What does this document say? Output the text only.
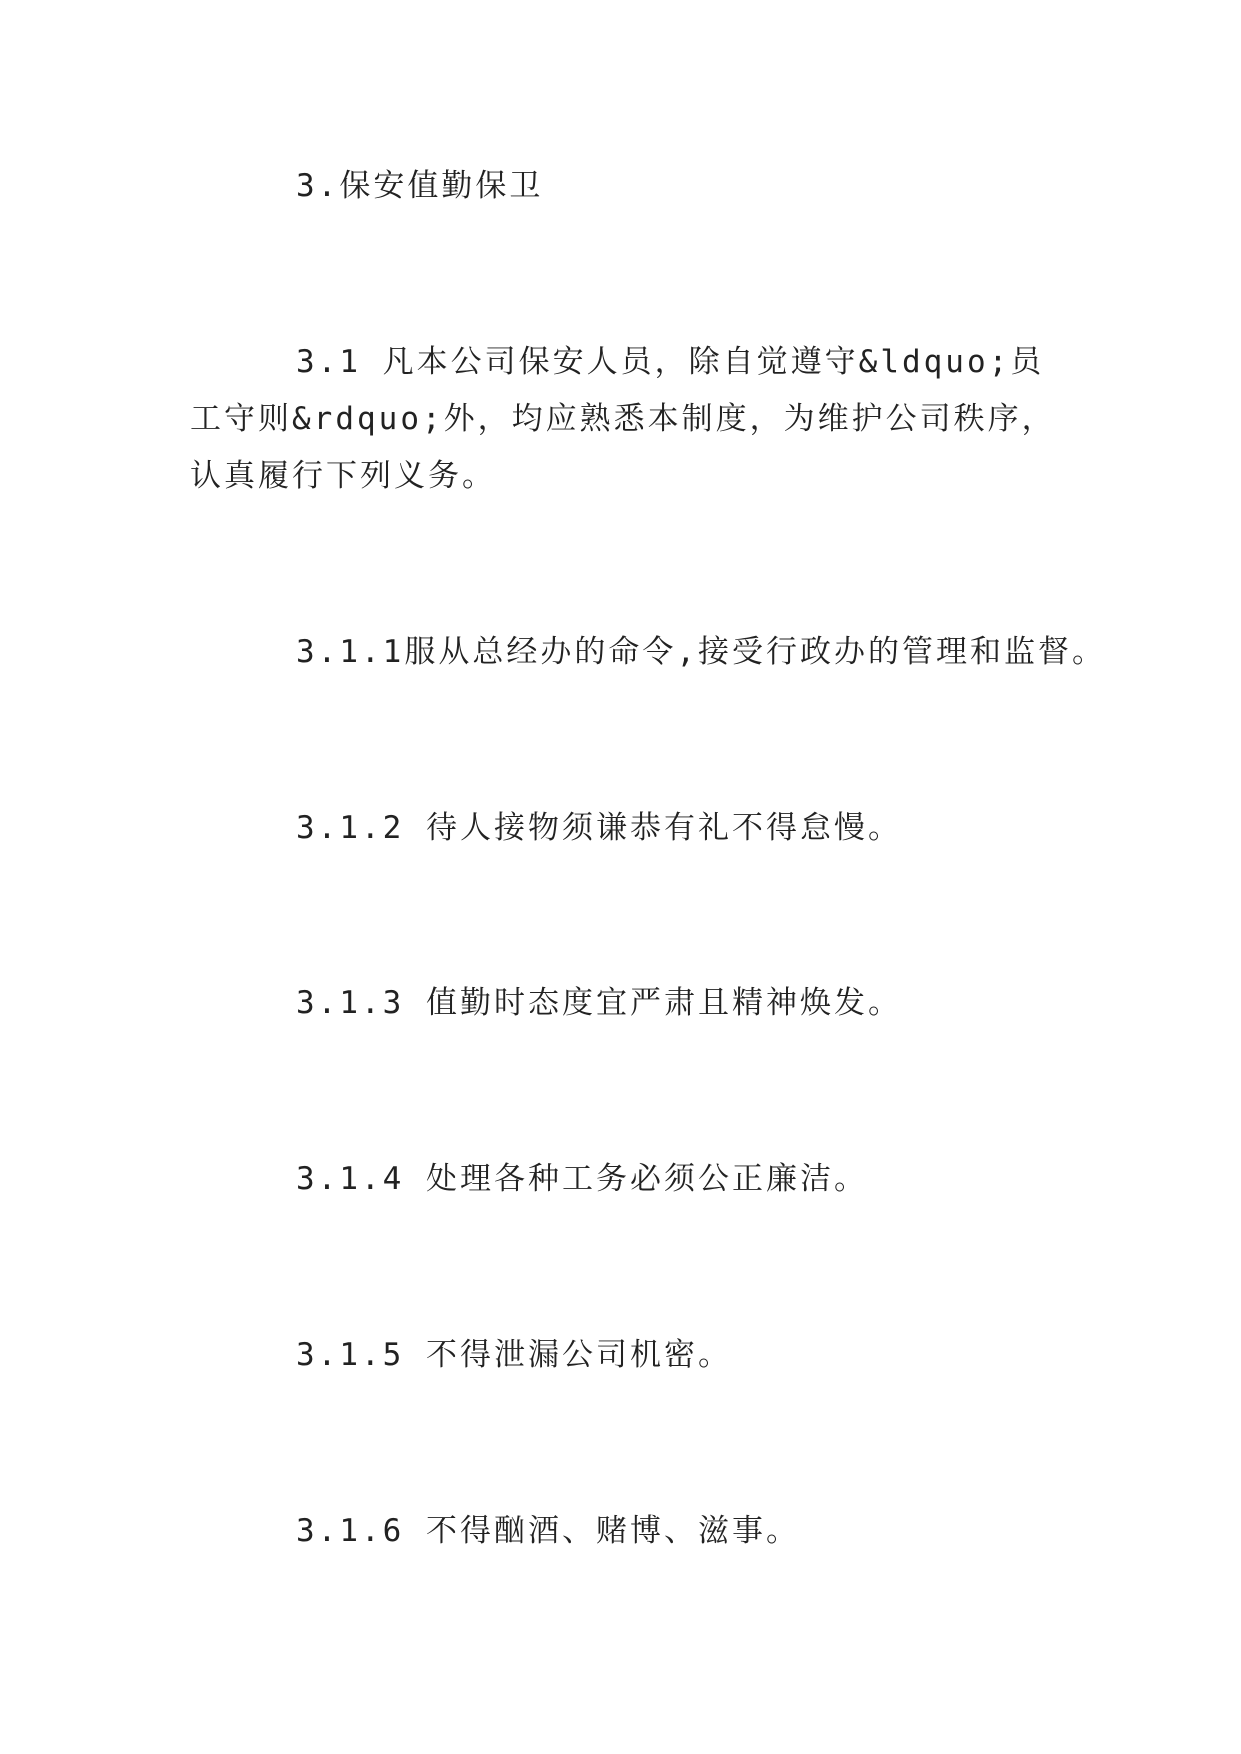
3.保安值勤保卫

3.1 凡本公司保安人员，除自觉遵守&ldquo;员工守则&rdquo;外，均应熟悉本制度，为维护公司秩序，认真履行下列义务。

3.1.1服从总经办的命令,接受行政办的管理和监督。

3.1.2 待人接物须谦恭有礼不得怠慢。

3.1.3 值勤时态度宜严肃且精神焕发。

3.1.4 处理各种工务必须公正廉洁。

3.1.5 不得泄漏公司机密。

3.1.6 不得酗酒、赌博、滋事。
